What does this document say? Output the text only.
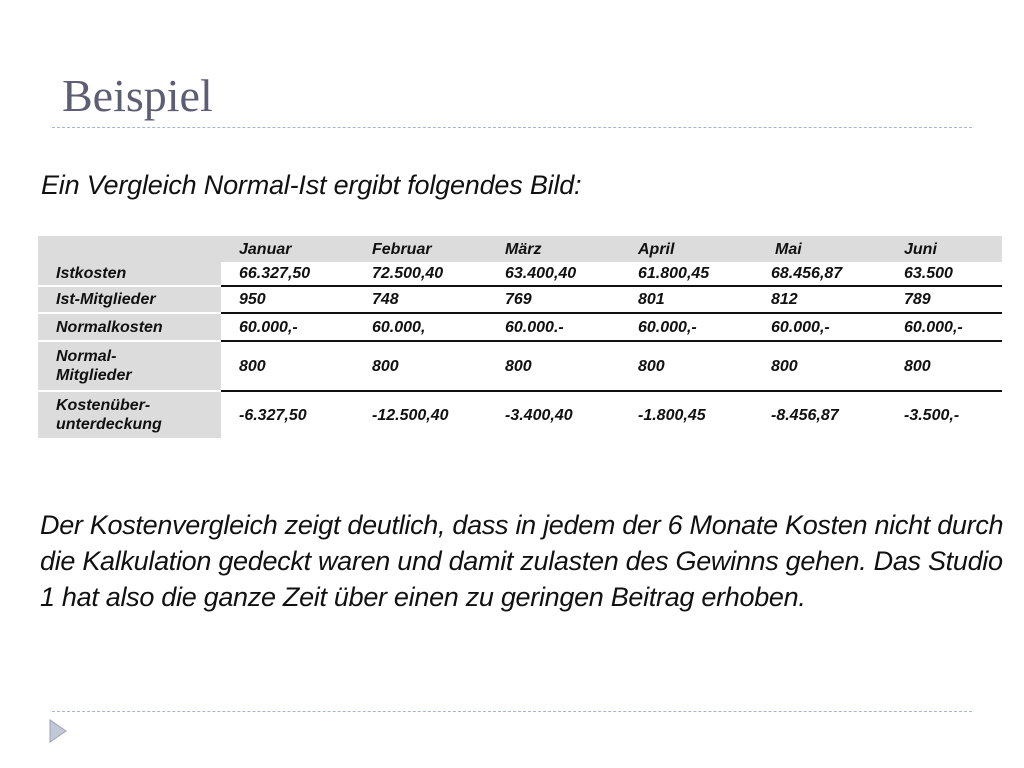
Beispiel
Ein Vergleich Normal-Ist ergibt folgendes Bild:
	Januar	Februar	März	April	Mai	Juni
Istkosten	66.327,50	72.500,40	63.400,40	61.800,45	68.456,87	63.500
Ist-Mitglieder	950	748	769	801	812	789
Normalkosten	60.000,-	60.000,	60.000.-	60.000,-	60.000,-	60.000,-
Normal-
Mitglieder	800	800	800	800	800	800
Kostenüber-
unterdeckung	-6.327,50	-12.500,40	-3.400,40	-1.800,45	-8.456,87	-3.500,-
Der Kostenvergleich zeigt deutlich, dass in jedem der 6 Monate Kosten nicht durch die Kalkulation gedeckt waren und damit zulasten des Gewinns gehen. Das Studio 1 hat also die ganze Zeit über einen zu geringen Beitrag erhoben.
